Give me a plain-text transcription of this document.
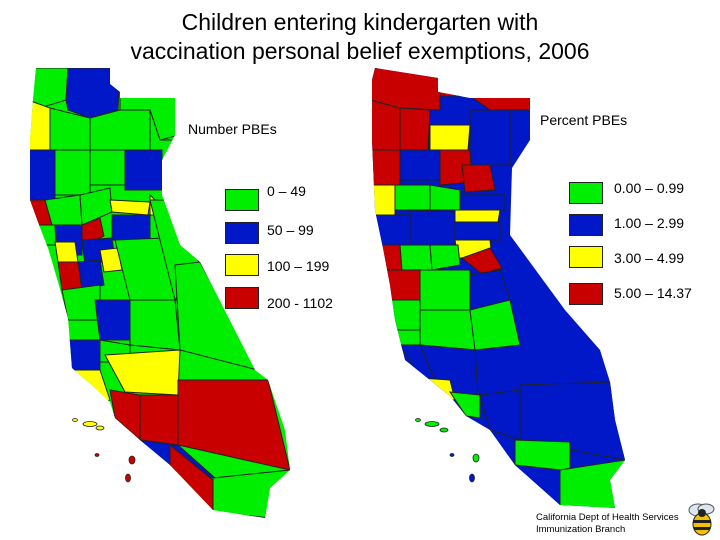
Children entering kindergarten with
vaccination personal belief exemptions, 2006
Number PBEs
0 – 49
50 – 99
100 – 199
200 - 1102
Percent PBEs
0.00 – 0.99
1.00 – 2.99
3.00 – 4.99
5.00 – 14.37
California Dept of Health Services
Immunization Branch
